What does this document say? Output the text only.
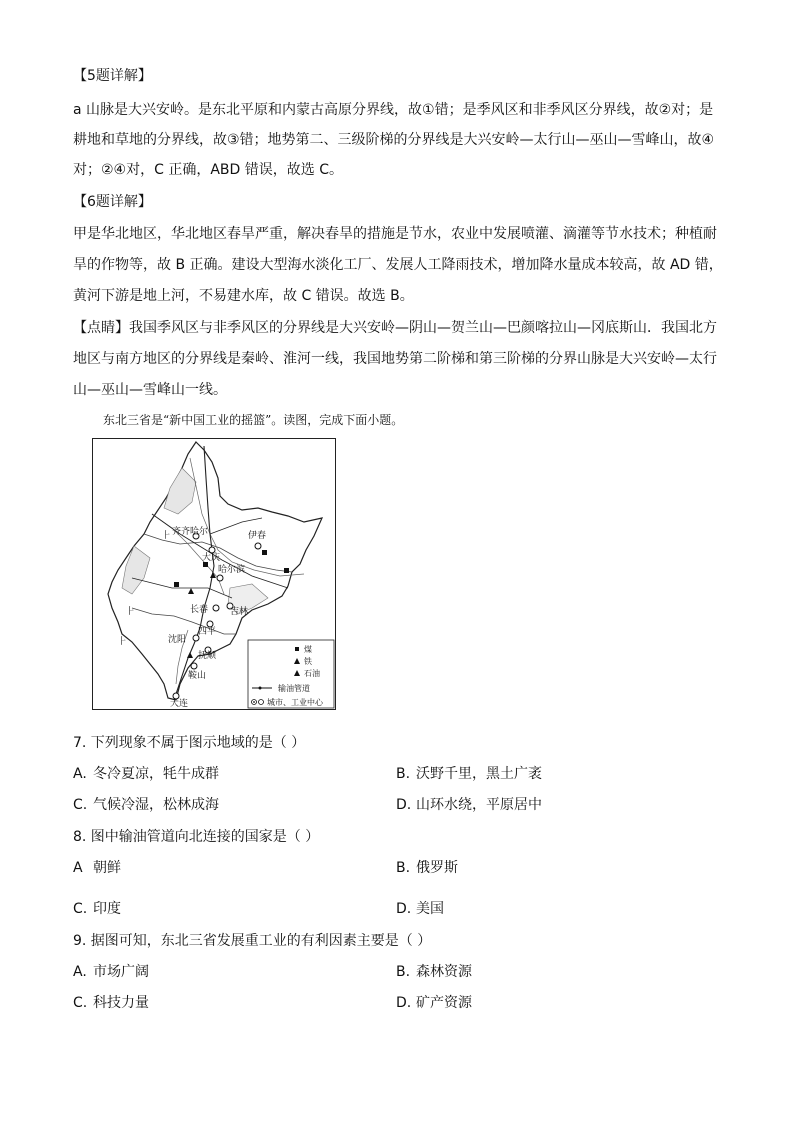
【5题详解】
a 山脉是大兴安岭。是东北平原和内蒙古高原分界线，故①错；是季风区和非季风区分界线，故②对；是
耕地和草地的分界线，故③错；地势第二、三级阶梯的分界线是大兴安岭—太行山—巫山—雪峰山，故④
对；②④对，C 正确，ABD 错误，故选 C。
【6题详解】
甲是华北地区，华北地区春旱严重，解决春旱的措施是节水，农业中发展喷灌、滴灌等节水技术；种植耐
旱的作物等，故 B 正确。建设大型海水淡化工厂、发展人工降雨技术，增加降水量成本较高，故 AD 错，
黄河下游是地上河，不易建水库，故 C 错误。故选 B。
【点睛】我国季风区与非季风区的分界线是大兴安岭—阴山—贺兰山—巴颜喀拉山—冈底斯山．我国北方
地区与南方地区的分界线是秦岭、淮河一线，我国地势第二阶梯和第三阶梯的分界山脉是大兴安岭—太行
山—巫山—雪峰山一线。
东北三省是“新中国工业的摇篮”。读图，完成下面小题。
⺊
⺊
⺊
齐齐哈尔
大庆
伊春
哈尔滨
长春 吉林
四平
沈阳
抚顺
鞍山
大连
煤
铁
石油
输油管道
城市、工业中心
7. 下列现象不属于图示地域的是（ ）
A. 冬冷夏凉，牦牛成群	B. 沃野千里，黑土广袤
C. 气候冷湿，松林成海	D. 山环水绕，平原居中
8. 图中输油管道向北连接的国家是（ ）
A 朝鲜	B. 俄罗斯
C. 印度	D. 美国
9. 据图可知，东北三省发展重工业的有利因素主要是（ ）
A. 市场广阔	B. 森林资源
C. 科技力量	D. 矿产资源
